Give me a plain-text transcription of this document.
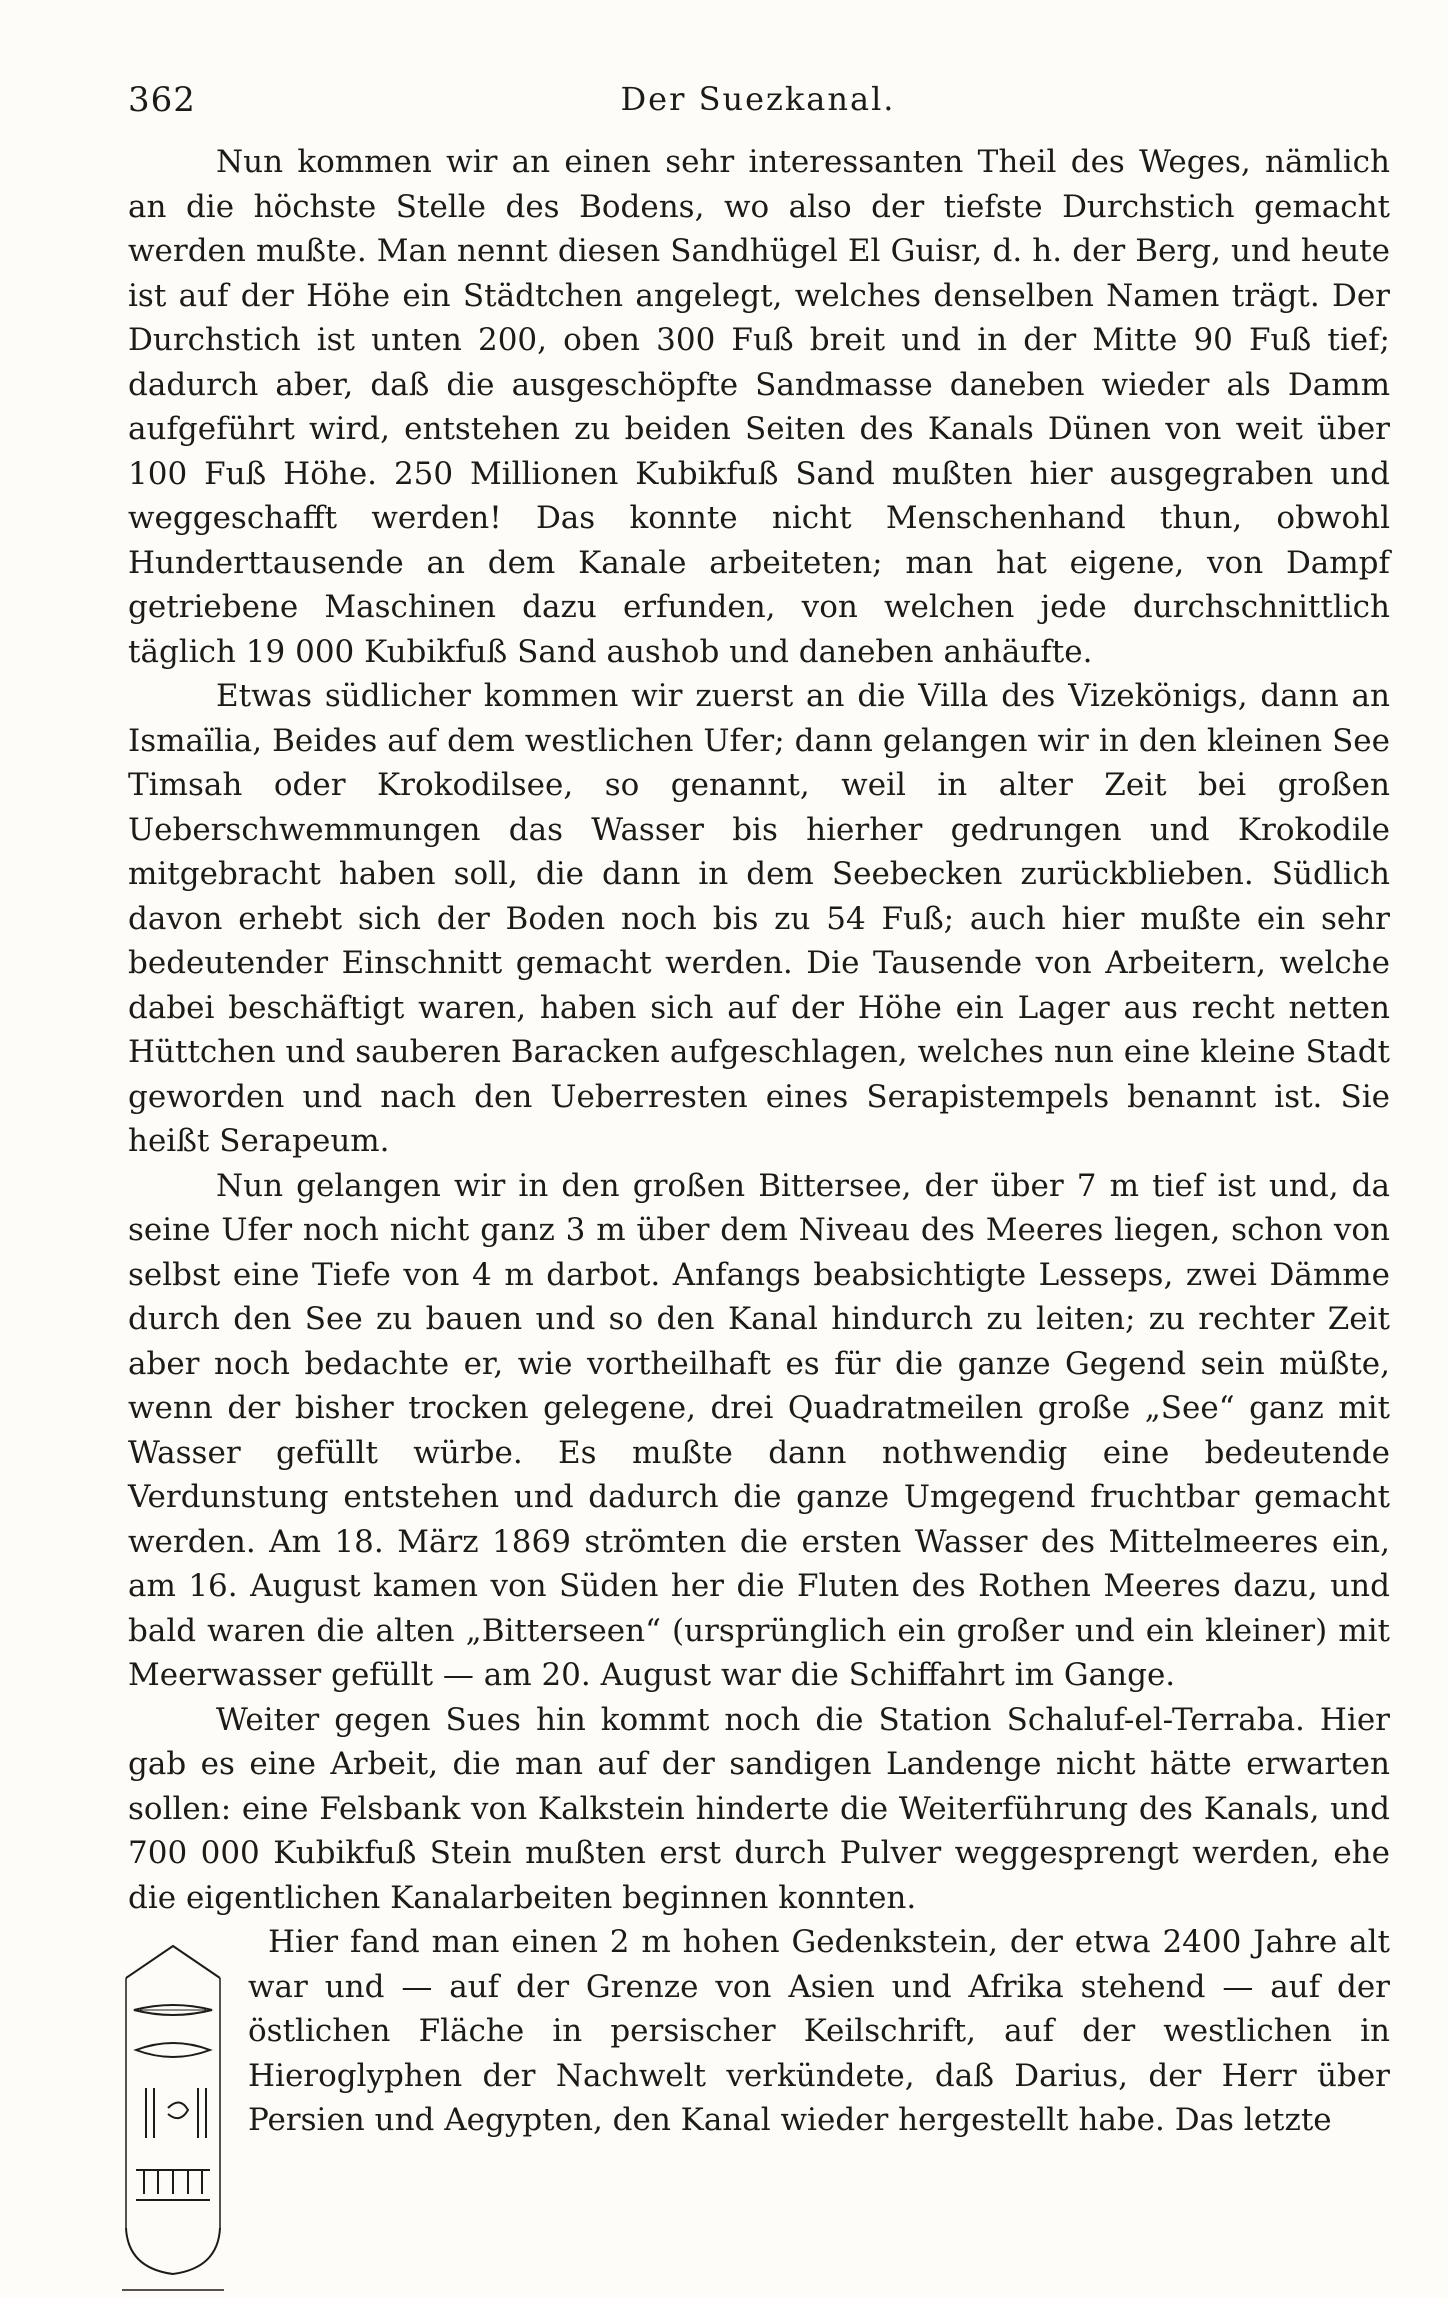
362	Der Suezkanal.

Nun kommen wir an einen sehr interessanten Theil des Weges, nämlich an die höchste Stelle des Bodens, wo also der tiefste Durchstich gemacht werden mußte. Man nennt diesen Sandhügel El Guisr, d. h. der Berg, und heute ist auf der Höhe ein Städtchen angelegt, welches denselben Namen trägt. Der Durchstich ist unten 200, oben 300 Fuß breit und in der Mitte 90 Fuß tief; dadurch aber, daß die ausgeschöpfte Sandmasse daneben wieder als Damm aufgeführt wird, entstehen zu beiden Seiten des Kanals Dünen von weit über 100 Fuß Höhe. 250 Millionen Kubikfuß Sand mußten hier ausgegraben und weggeschafft werden! Das konnte nicht Menschenhand thun, obwohl Hunderttausende an dem Kanale arbeiteten; man hat eigene, von Dampf getriebene Maschinen dazu erfunden, von welchen jede durchschnittlich täglich 19 000 Kubikfuß Sand aushob und daneben anhäufte.

Etwas südlicher kommen wir zuerst an die Villa des Vizekönigs, dann an Ismaïlia, Beides auf dem westlichen Ufer; dann gelangen wir in den kleinen See Timsah oder Krokodilsee, so genannt, weil in alter Zeit bei großen Ueberschwemmungen das Wasser bis hierher gedrungen und Krokodile mitgebracht haben soll, die dann in dem Seebecken zurückblieben. Südlich davon erhebt sich der Boden noch bis zu 54 Fuß; auch hier mußte ein sehr bedeutender Einschnitt gemacht werden. Die Tausende von Arbeitern, welche dabei beschäftigt waren, haben sich auf der Höhe ein Lager aus recht netten Hüttchen und sauberen Baracken aufgeschlagen, welches nun eine kleine Stadt geworden und nach den Ueberresten eines Serapistempels benannt ist. Sie heißt Serapeum.

Nun gelangen wir in den großen Bittersee, der über 7 m tief ist und, da seine Ufer noch nicht ganz 3 m über dem Niveau des Meeres liegen, schon von selbst eine Tiefe von 4 m darbot. Anfangs beabsichtigte Lesseps, zwei Dämme durch den See zu bauen und so den Kanal hindurch zu leiten; zu rechter Zeit aber noch bedachte er, wie vortheilhaft es für die ganze Gegend sein müßte, wenn der bisher trocken gelegene, drei Quadratmeilen große „See“ ganz mit Wasser gefüllt würbe. Es mußte dann nothwendig eine bedeutende Verdunstung entstehen und dadurch die ganze Umgegend fruchtbar gemacht werden. Am 18. März 1869 strömten die ersten Wasser des Mittelmeeres ein, am 16. August kamen von Süden her die Fluten des Rothen Meeres dazu, und bald waren die alten „Bitterseen“ (ursprünglich ein großer und ein kleiner) mit Meerwasser gefüllt — am 20. August war die Schiffahrt im Gange.

Weiter gegen Sues hin kommt noch die Station Schaluf-el-Terraba. Hier gab es eine Arbeit, die man auf der sandigen Landenge nicht hätte erwarten sollen: eine Felsbank von Kalkstein hinderte die Weiterführung des Kanals, und 700 000 Kubikfuß Stein mußten erst durch Pulver weggesprengt werden, ehe die eigentlichen Kanalarbeiten beginnen konnten.

Hier fand man einen 2 m hohen Gedenkstein, der etwa 2400 Jahre alt war und — auf der Grenze von Asien und Afrika stehend — auf der östlichen Fläche in persischer Keilschrift, auf der westlichen in Hieroglyphen der Nachwelt verkündete, daß Darius, der Herr über Persien und Aegypten, den Kanal wieder hergestellt habe. Das letzte
